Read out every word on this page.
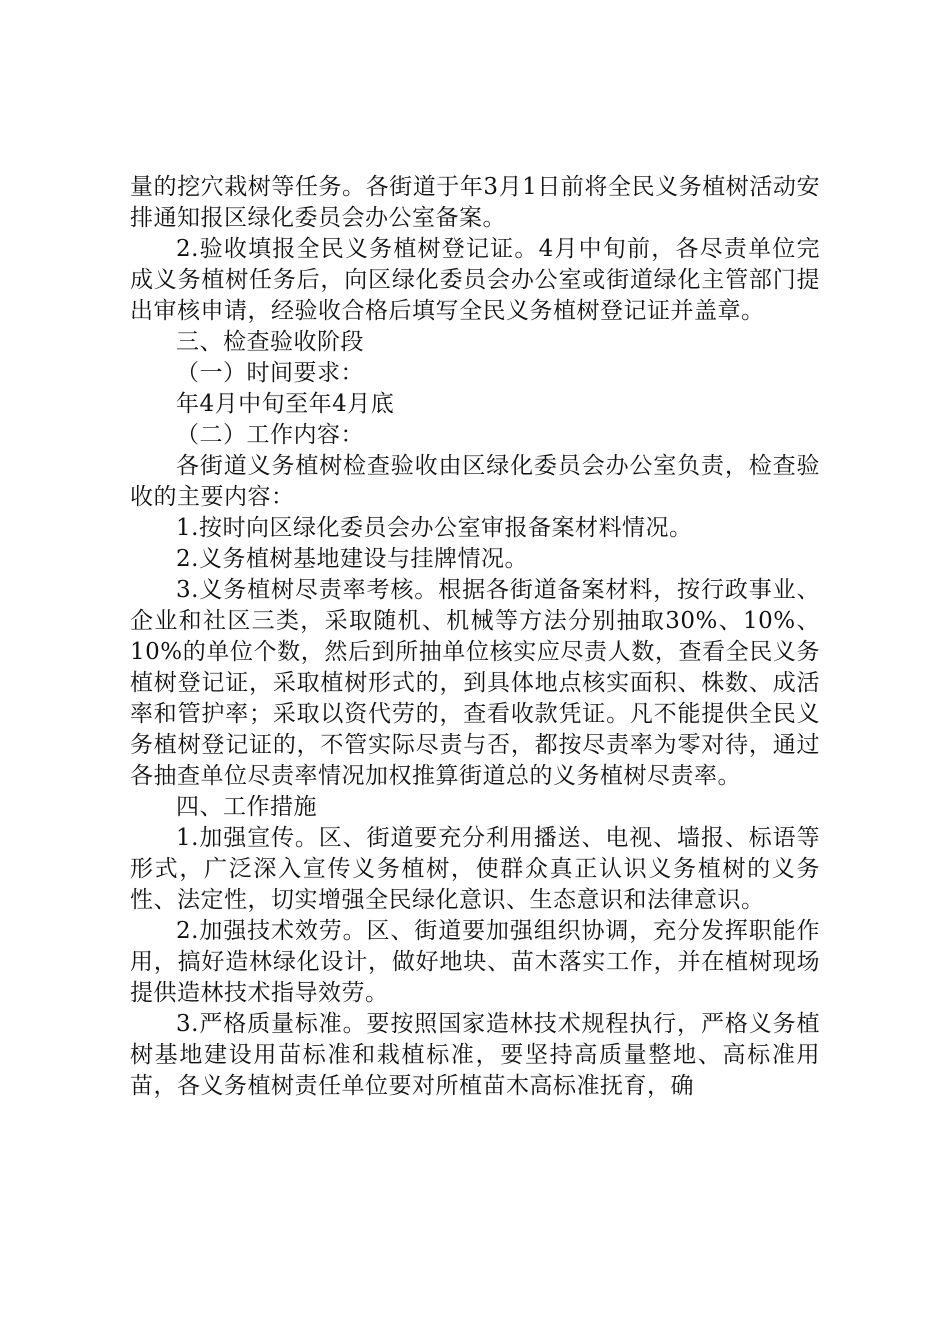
量的挖穴栽树等任务。各街道于年3月1日前将全民义务植树活动安排通知报区绿化委员会办公室备案。

2.验收填报全民义务植树登记证。4月中旬前，各尽责单位完成义务植树任务后，向区绿化委员会办公室或街道绿化主管部门提出审核申请，经验收合格后填写全民义务植树登记证并盖章。

三、检查验收阶段

（一）时间要求：

年4月中旬至年4月底

（二）工作内容：

各街道义务植树检查验收由区绿化委员会办公室负责，检查验收的主要内容：

1.按时向区绿化委员会办公室审报备案材料情况。

2.义务植树基地建设与挂牌情况。

3.义务植树尽责率考核。根据各街道备案材料，按行政事业、企业和社区三类，采取随机、机械等方法分别抽取30%、10%、10%的单位个数，然后到所抽单位核实应尽责人数，查看全民义务植树登记证，采取植树形式的，到具体地点核实面积、株数、成活率和管护率；采取以资代劳的，查看收款凭证。凡不能提供全民义务植树登记证的，不管实际尽责与否，都按尽责率为零对待，通过各抽查单位尽责率情况加权推算街道总的义务植树尽责率。

四、工作措施

1.加强宣传。区、街道要充分利用播送、电视、墙报、标语等形式，广泛深入宣传义务植树，使群众真正认识义务植树的义务性、法定性，切实增强全民绿化意识、生态意识和法律意识。

2.加强技术效劳。区、街道要加强组织协调，充分发挥职能作用，搞好造林绿化设计，做好地块、苗木落实工作，并在植树现场提供造林技术指导效劳。

3.严格质量标准。要按照国家造林技术规程执行，严格义务植树基地建设用苗标准和栽植标准，要坚持高质量整地、高标准用苗，各义务植树责任单位要对所植苗木高标准抚育，确
